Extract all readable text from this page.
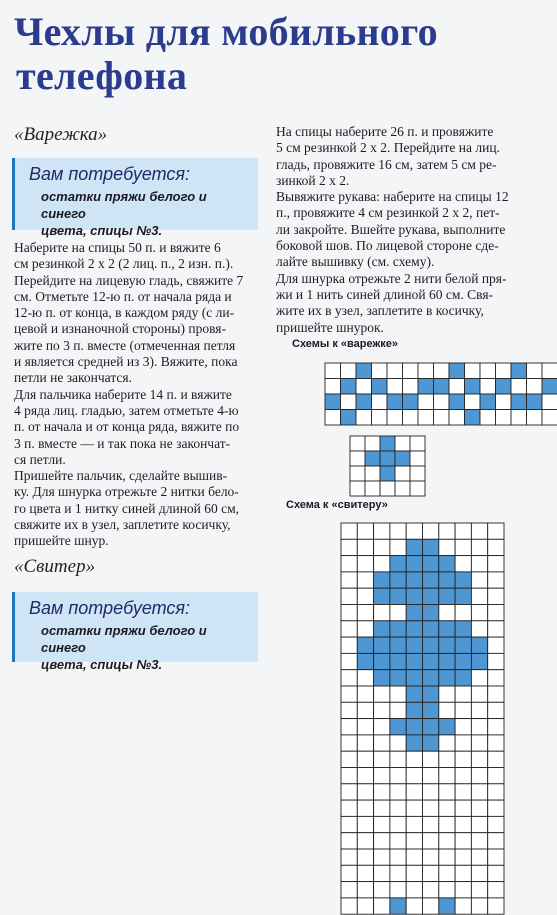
Чехлы для мобильного
телефона
«Варежка»
Вам потребуется:
остатки пряжи белого и синего
цвета, спицы №3.
Наберите на спицы 50 п. и вяжите 6
см резинкой 2 х 2 (2 лиц. п., 2 изн. п.).
Перейдите на лицевую гладь, свяжите 7
см. Отметьте 12-ю п. от начала ряда и
12-ю п. от конца, в каждом ряду (с ли-
цевой и изнаночной стороны) провя-
жите по 3 п. вместе (отмеченная петля
и является средней из 3). Вяжите, пока
петли не закончатся.
Для пальчика наберите 14 п. и вяжите
4 ряда лиц. гладью, затем отметьте 4-ю
п. от начала и от конца ряда, вяжите по
3 п. вместе — и так пока не закончат-
ся петли.
Пришейте пальчик, сделайте вышив-
ку. Для шнурка отрежьте 2 нитки бело-
го цвета и 1 нитку синей длиной 60 см,
свяжите их в узел, заплетите косичку,
пришейте шнур.
«Свитер»
Вам потребуется:
остатки пряжи белого и синего
цвета, спицы №3.
На спицы наберите 26 п. и провяжите
5 см резинкой 2 х 2. Перейдите на лиц.
гладь, провяжите 16 см, затем 5 см ре-
зинкой 2 х 2.
Вывяжите рукава: наберите на спицы 12
п., провяжите 4 см резинкой 2 х 2, пет-
ли закройте. Вшейте рукава, выполните
боковой шов. По лицевой стороне сде-
лайте вышивку (см. схему).
Для шнурка отрежьте 2 нити белой пря-
жи и 1 нить синей длиной 60 см. Свя-
жите их в узел, заплетите в косичку,
пришейте шнурок.
Схемы к «варежке»
Схема к «свитеру»
